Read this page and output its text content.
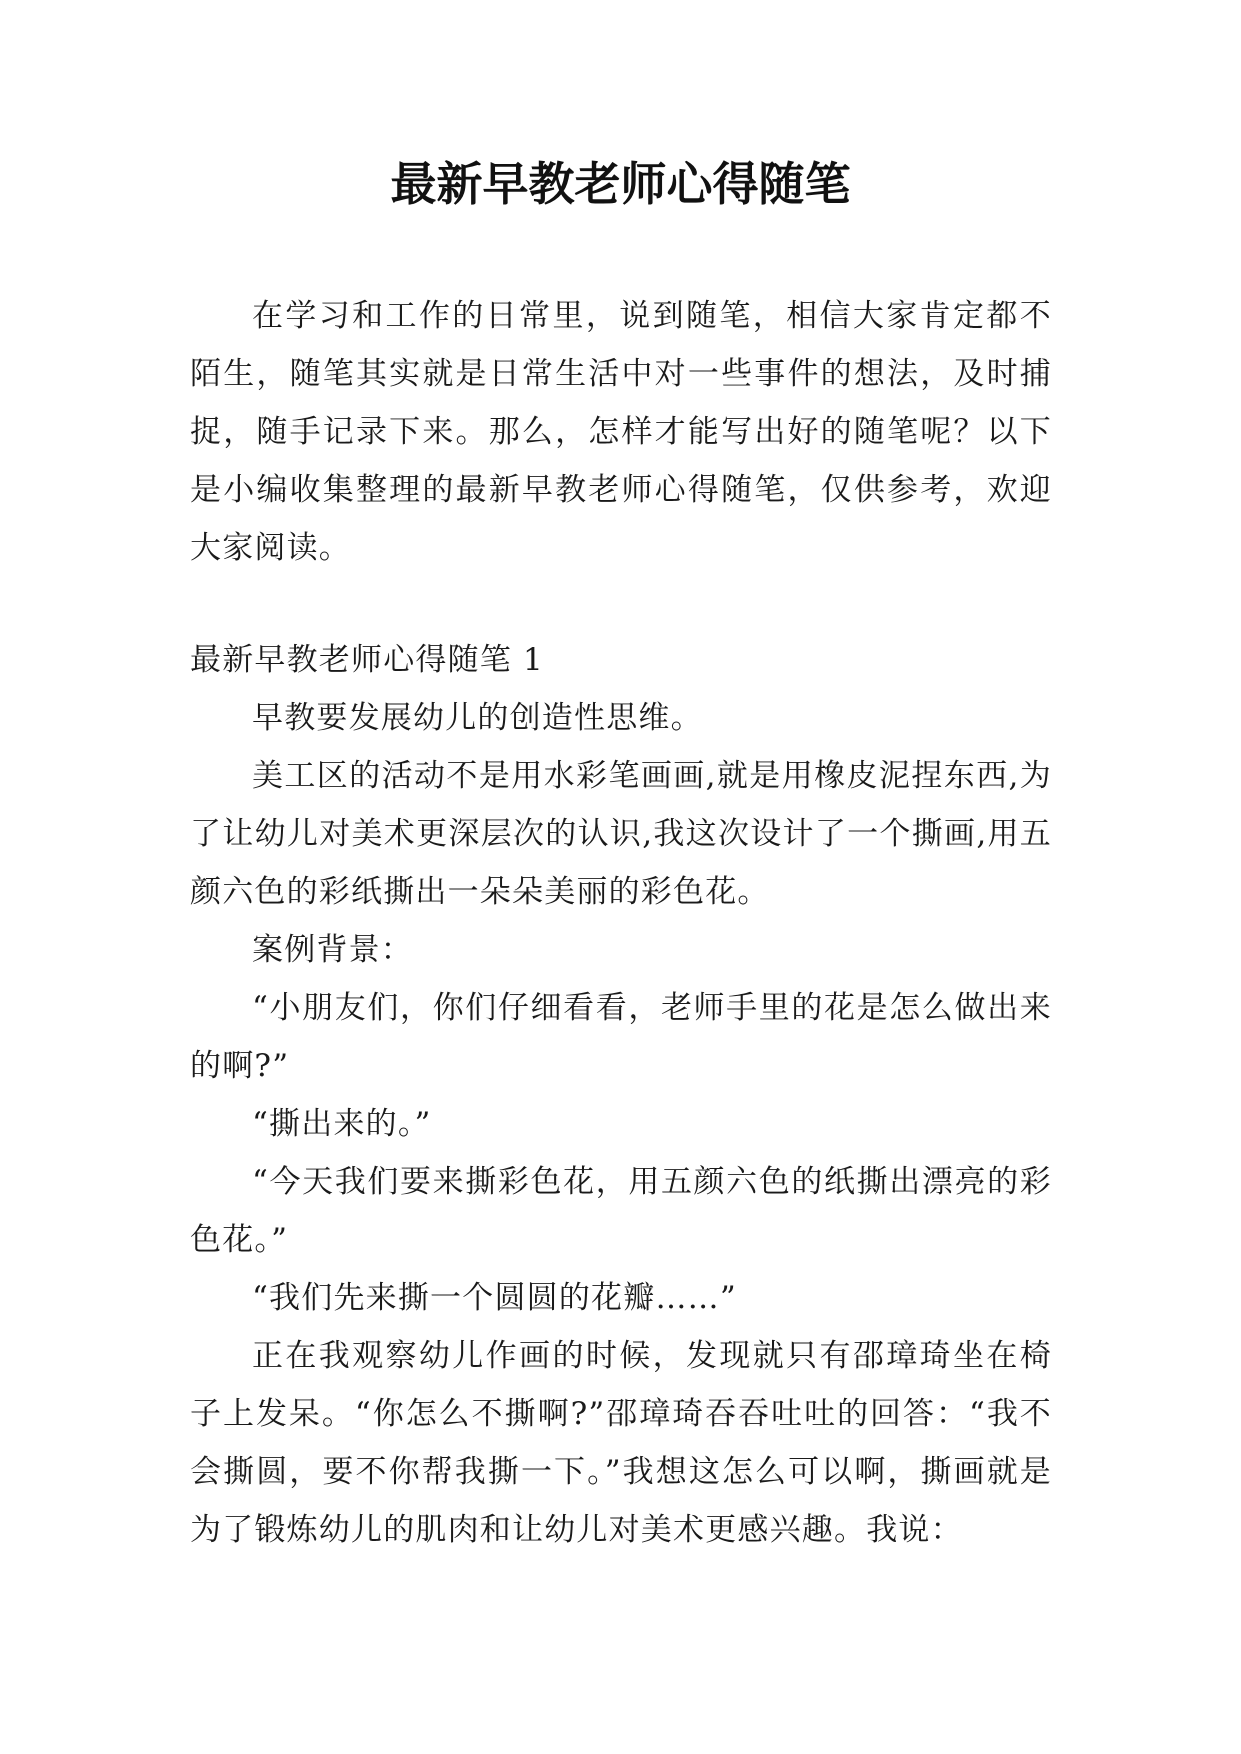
最新早教老师心得随笔

在学习和工作的日常里，说到随笔，相信大家肯定都不陌生，随笔其实就是日常生活中对一些事件的想法，及时捕捉，随手记录下来。那么，怎样才能写出好的随笔呢？以下是小编收集整理的最新早教老师心得随笔，仅供参考，欢迎大家阅读。

最新早教老师心得随笔 1

早教要发展幼儿的创造性思维。

美工区的活动不是用水彩笔画画,就是用橡皮泥捏东西,为了让幼儿对美术更深层次的认识,我这次设计了一个撕画,用五颜六色的彩纸撕出一朵朵美丽的彩色花。

案例背景：

“小朋友们，你们仔细看看，老师手里的花是怎么做出来的啊?”

“撕出来的。”

“今天我们要来撕彩色花，用五颜六色的纸撕出漂亮的彩色花。”

“我们先来撕一个圆圆的花瓣……”

正在我观察幼儿作画的时候，发现就只有邵璋琦坐在椅子上发呆。“你怎么不撕啊?”邵璋琦吞吞吐吐的回答：“我不会撕圆，要不你帮我撕一下。”我想这怎么可以啊，撕画就是为了锻炼幼儿的肌肉和让幼儿对美术更感兴趣。我说：
